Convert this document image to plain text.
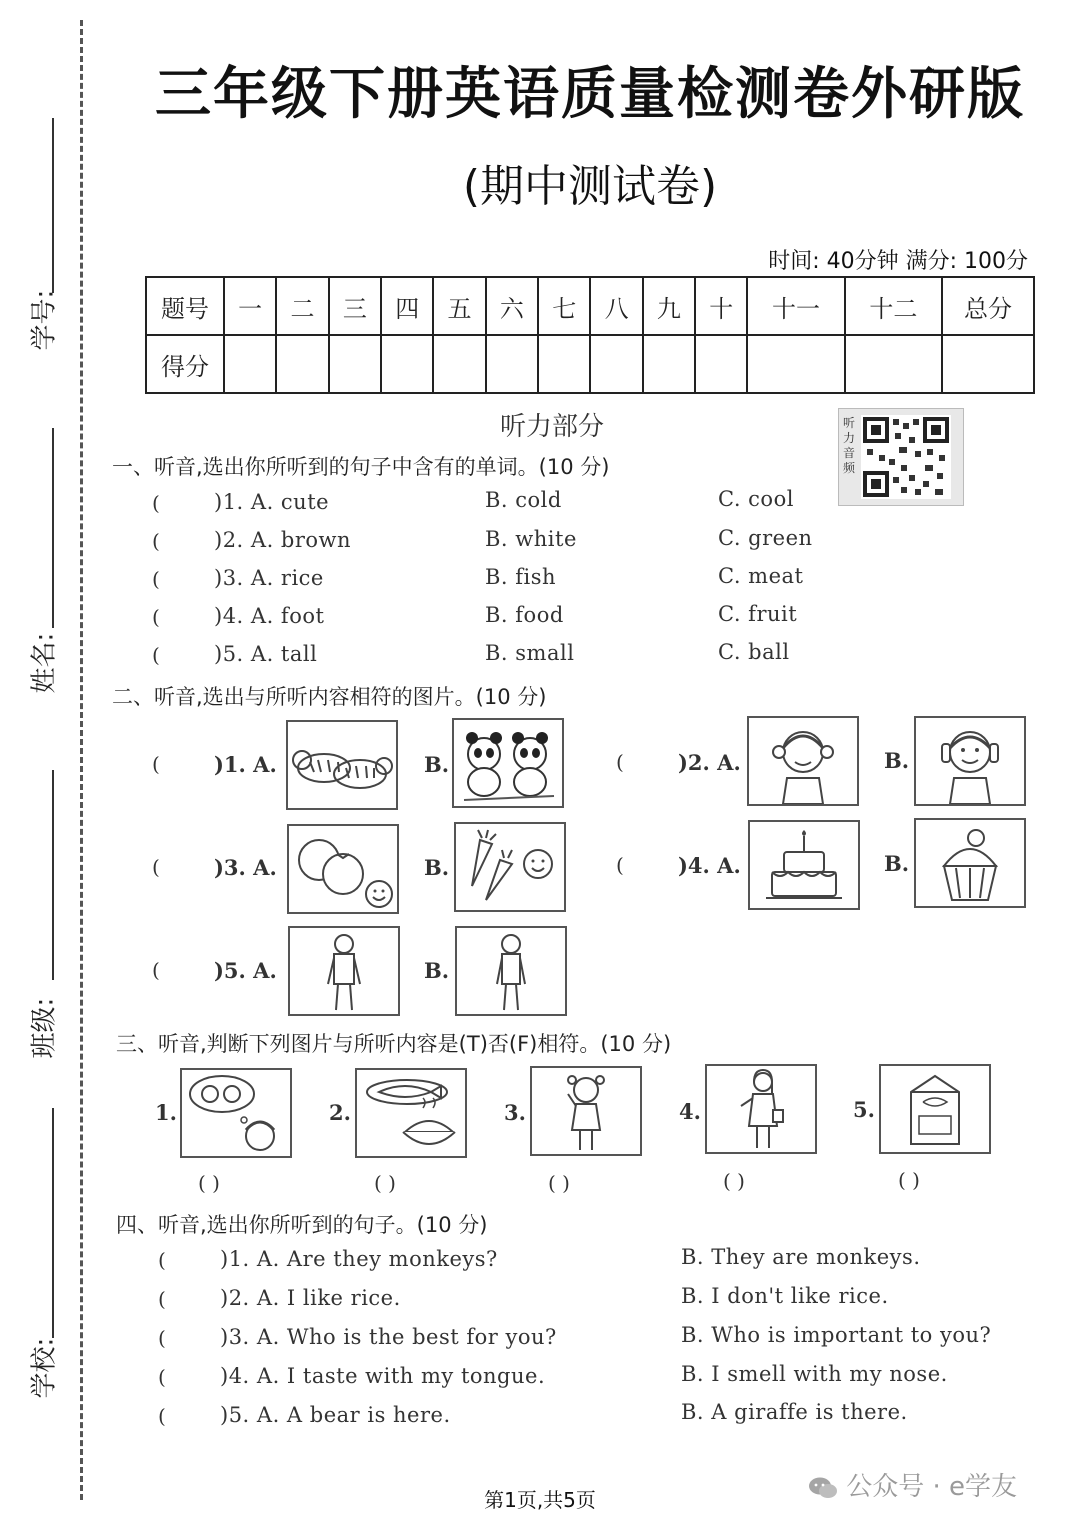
学号:
姓名:
班级:
学校:
三年级下册英语质量检测卷外研版
(期中测试卷)
时间: 40分钟 满分: 100分
题号	一	二	三	四	五	六	七	八	九	十	十一	十二	总分
得分													
听力部分	听力音频
一、听音,选出你所听到的句子中含有的单词。(10 分)
(	)1. A. cute	B. cold	C. cool
(	)2. A. brown	B. white	C. green
(	)3. A. rice	B. fish	C. meat
(	)4. A. foot	B. food	C. fruit
(	)5. A. tall	B. small	C. ball
二、听音,选出与所听内容相符的图片。(10 分)
(	)1. A.	B.	(	)2. A.	B.
(	)3. A.	B.	(	)4. A.	B.
(	)5. A.	B.
三、听音,判断下列图片与所听内容是(T)否(F)相符。(10 分)
1.
( )
2.
( )
3.
( )
4.
( )
5.
( )
四、听音,选出你所听到的句子。(10 分)
(	)1. A. Are they monkeys?	B. They are monkeys.
(	)2. A. I like rice.	B. I don't like rice.
(	)3. A. Who is the best for you?	B. Who is important to you?
(	)4. A. I taste with my tongue.	B. I smell with my nose.
(	)5. A. A bear is here.	B. A giraffe is there.
第1页,共5页	公众号 · e学友
